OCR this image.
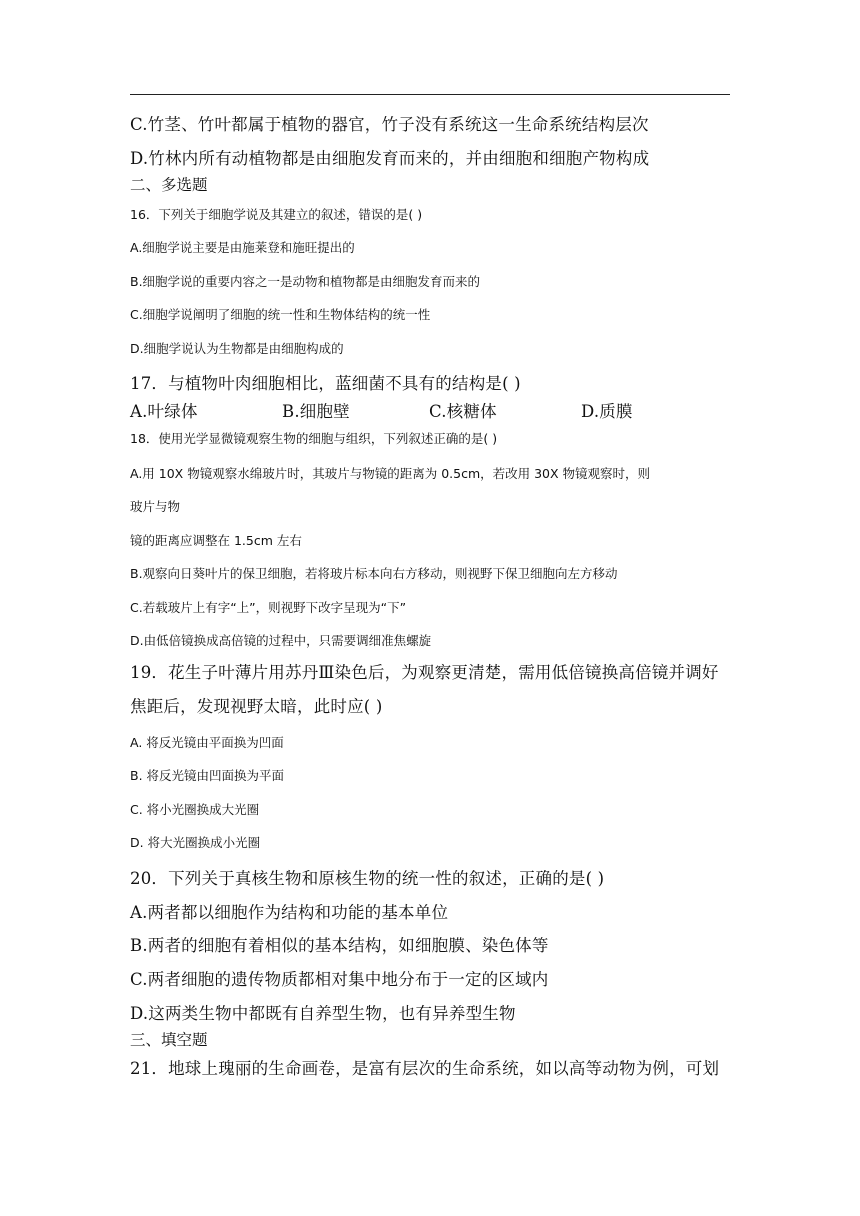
C.竹茎、竹叶都属于植物的器官，竹子没有系统这一生命系统结构层次
D.竹林内所有动植物都是由细胞发育而来的，并由细胞和细胞产物构成
二、多选题
16．下列关于细胞学说及其建立的叙述，错误的是( )
A.细胞学说主要是由施莱登和施旺提出的
B.细胞学说的重要内容之一是动物和植物都是由细胞发育而来的
C.细胞学说阐明了细胞的统一性和生物体结构的统一性
D.细胞学说认为生物都是由细胞构成的
17．与植物叶肉细胞相比，蓝细菌不具有的结构是( )
A.叶绿体	B.细胞壁	C.核糖体	D.质膜
18．使用光学显微镜观察生物的细胞与组织，下列叙述正确的是( )
A.用 10X 物镜观察水绵玻片时，其玻片与物镜的距离为 0.5cm，若改用 30X 物镜观察时，则
玻片与物
镜的距离应调整在 1.5cm 左右
B.观察向日葵叶片的保卫细胞，若将玻片标本向右方移动，则视野下保卫细胞向左方移动
C.若载玻片上有字“上”，则视野下改字呈现为“下”
D.由低倍镜换成高倍镜的过程中，只需要调细准焦螺旋
19．花生子叶薄片用苏丹Ⅲ染色后，为观察更清楚，需用低倍镜换高倍镜并调好焦距后，发现视野太暗，此时应( )
A. 将反光镜由平面换为凹面
B. 将反光镜由凹面换为平面
C. 将小光圈换成大光圈
D. 将大光圈换成小光圈
20．下列关于真核生物和原核生物的统一性的叙述，正确的是( )
A.两者都以细胞作为结构和功能的基本单位
B.两者的细胞有着相似的基本结构，如细胞膜、染色体等
C.两者细胞的遗传物质都相对集中地分布于一定的区域内
D.这两类生物中都既有自养型生物，也有异养型生物
三、填空题
21．地球上瑰丽的生命画卷，是富有层次的生命系统，如以高等动物为例，可划
